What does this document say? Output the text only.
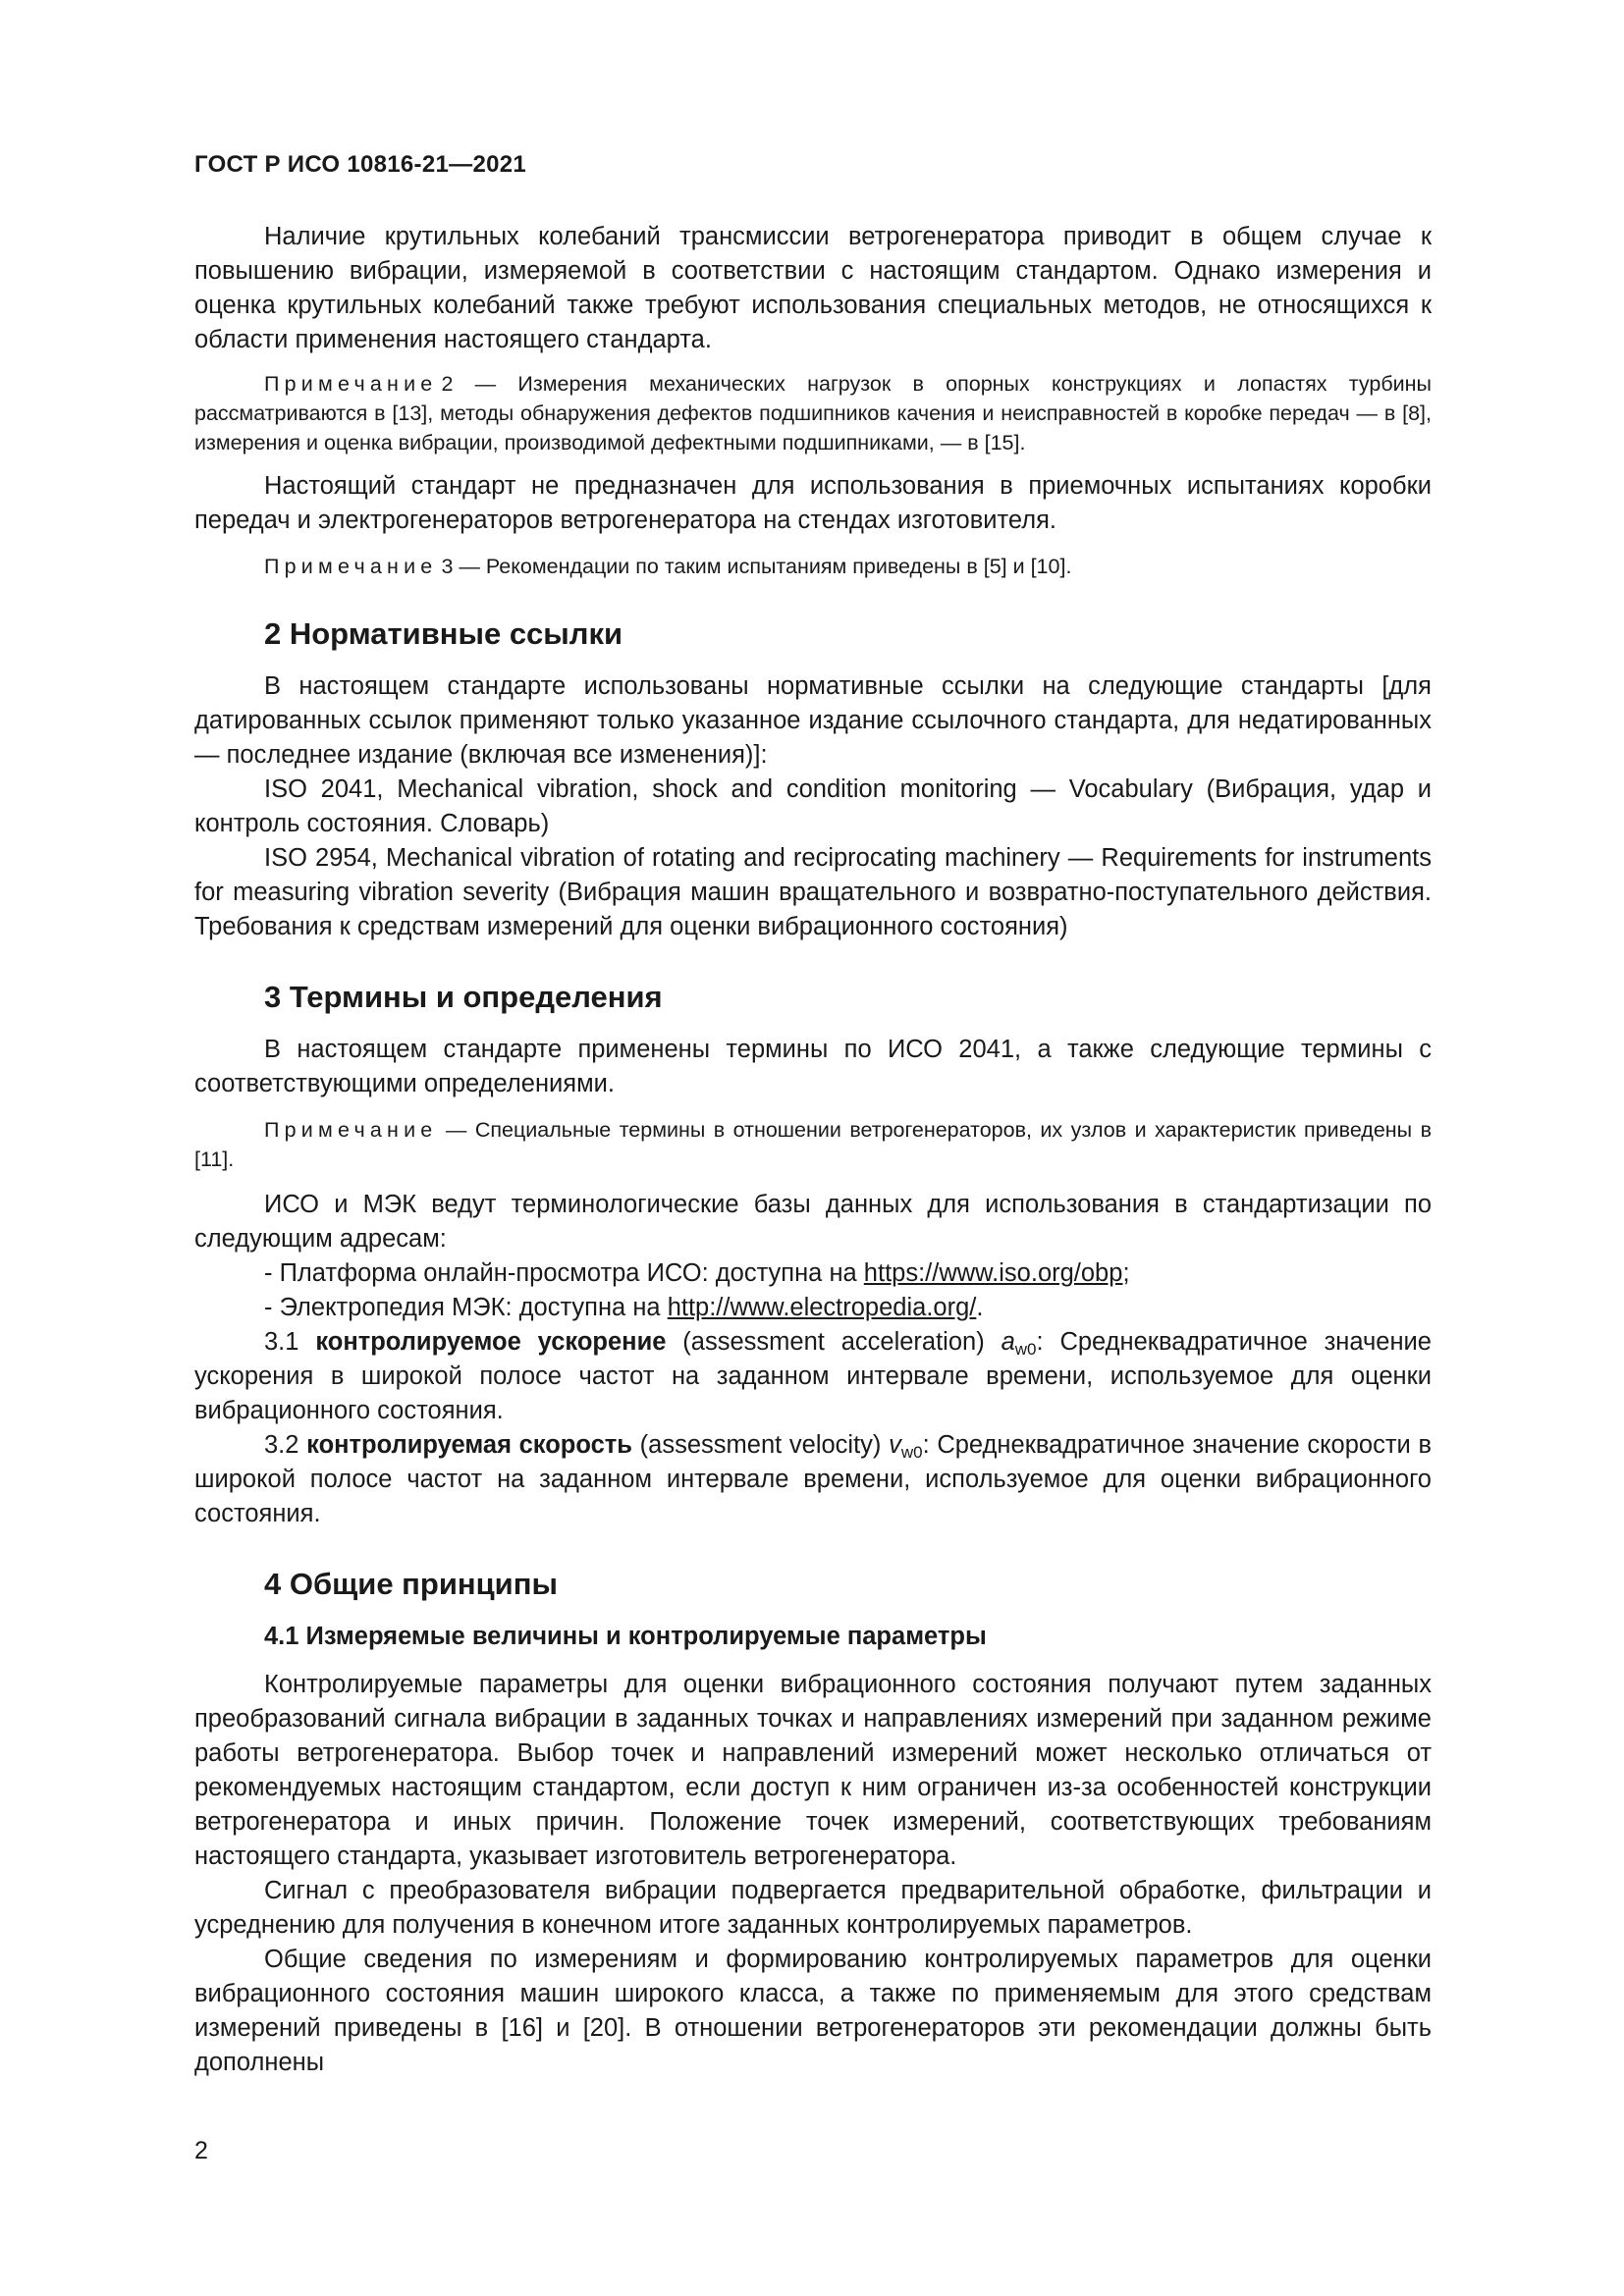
ГОСТ Р ИСО 10816-21—2021

Наличие крутильных колебаний трансмиссии ветрогенератора приводит в общем случае к повышению вибрации, измеряемой в соответствии с настоящим стандартом. Однако измерения и оценка крутильных колебаний также требуют использования специальных методов, не относящихся к области применения настоящего стандарта.

Примечание 2 — Измерения механических нагрузок в опорных конструкциях и лопастях турбины рассматриваются в [13], методы обнаружения дефектов подшипников качения и неисправностей в коробке передач — в [8], измерения и оценка вибрации, производимой дефектными подшипниками, — в [15].

Настоящий стандарт не предназначен для использования в приемочных испытаниях коробки передач и электрогенераторов ветрогенератора на стендах изготовителя.

Примечание 3 — Рекомендации по таким испытаниям приведены в [5] и [10].

2 Нормативные ссылки

В настоящем стандарте использованы нормативные ссылки на следующие стандарты [для датированных ссылок применяют только указанное издание ссылочного стандарта, для недатированных — последнее издание (включая все изменения)]:

ISO 2041, Mechanical vibration, shock and condition monitoring — Vocabulary (Вибрация, удар и контроль состояния. Словарь)

ISO 2954, Mechanical vibration of rotating and reciprocating machinery — Requirements for instruments for measuring vibration severity (Вибрация машин вращательного и возвратно-поступательного действия. Требования к средствам измерений для оценки вибрационного состояния)

3 Термины и определения

В настоящем стандарте применены термины по ИСО 2041, а также следующие термины с соответствующими определениями.

Примечание — Специальные термины в отношении ветрогенераторов, их узлов и характеристик приведены в [11].

ИСО и МЭК ведут терминологические базы данных для использования в стандартизации по следующим адресам:

- Платформа онлайн-просмотра ИСО: доступна на https://www.iso.org/obp;

- Электропедия МЭК: доступна на http://www.electropedia.org/.

3.1 контролируемое ускорение (assessment acceleration) $a_{w0}$: Среднеквадратичное значение ускорения в широкой полосе частот на заданном интервале времени, используемое для оценки вибрационного состояния.

3.2 контролируемая скорость (assessment velocity) $v_{w0}$: Среднеквадратичное значение скорости в широкой полосе частот на заданном интервале времени, используемое для оценки вибрационного состояния.

4 Общие принципы
4.1 Измеряемые величины и контролируемые параметры

Контролируемые параметры для оценки вибрационного состояния получают путем заданных преобразований сигнала вибрации в заданных точках и направлениях измерений при заданном режиме работы ветрогенератора. Выбор точек и направлений измерений может несколько отличаться от рекомендуемых настоящим стандартом, если доступ к ним ограничен из-за особенностей конструкции ветрогенератора и иных причин. Положение точек измерений, соответствующих требованиям настоящего стандарта, указывает изготовитель ветрогенератора.

Сигнал с преобразователя вибрации подвергается предварительной обработке, фильтрации и усреднению для получения в конечном итоге заданных контролируемых параметров.

Общие сведения по измерениям и формированию контролируемых параметров для оценки вибрационного состояния машин широкого класса, а также по применяемым для этого средствам измерений приведены в [16] и [20]. В отношении ветрогенераторов эти рекомендации должны быть дополнены

2
